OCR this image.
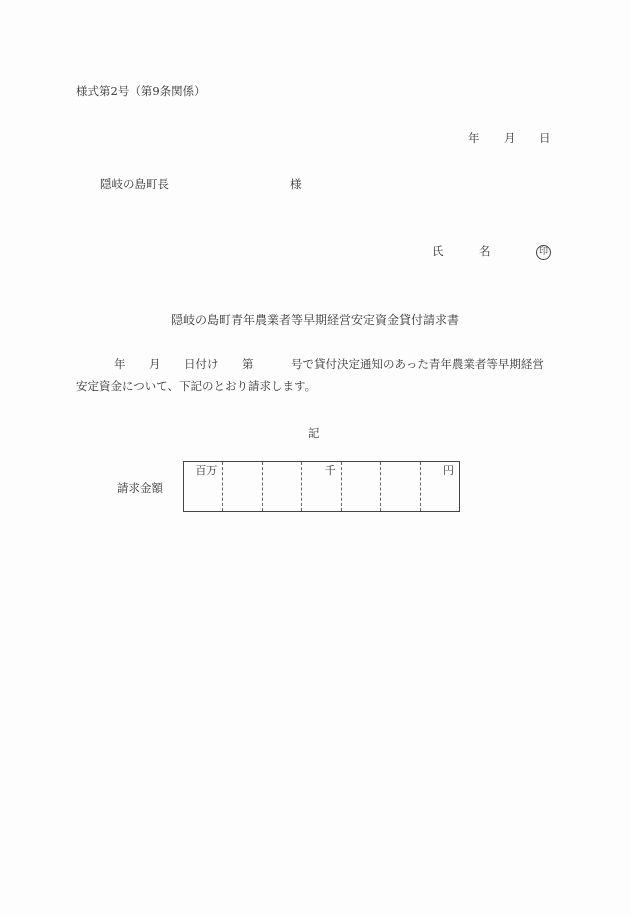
様式第2号（第9条関係）
年 月 日
隠岐の島町長	様
氏	名	印
隠岐の島町青年農業者等早期経営安定資金貸付請求書
年 月 日付け 第	号で貸付決定通知のあった青年農業者等早期経営
安定資金について、下記のとおり請求します。
記
請求金額
百万	千	円
